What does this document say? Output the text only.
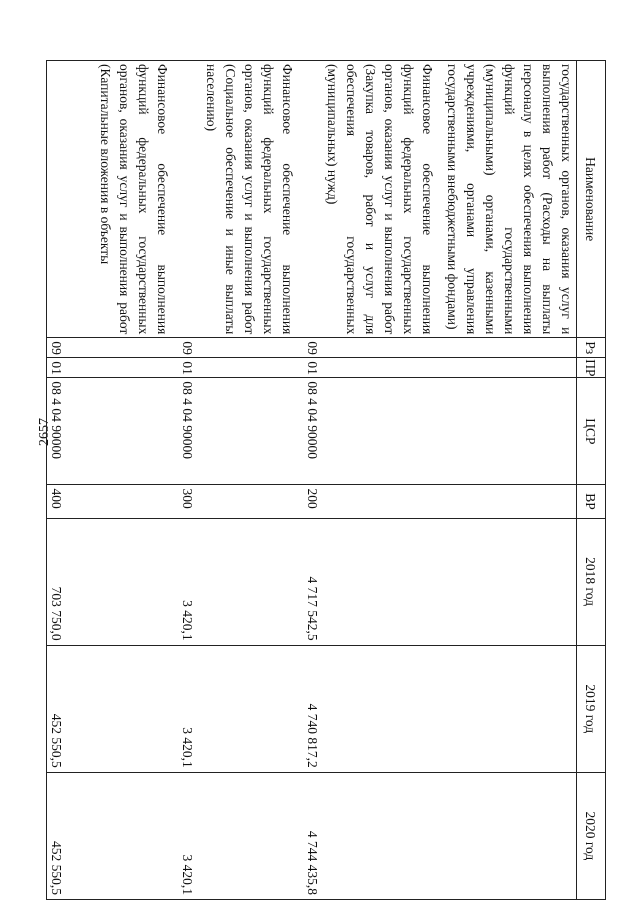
2657
Наименование	Рз	ПР	ЦСР	ВР	2018 год	2019 год	2020 год
государственных органов, оказания услуг и выполнения работ (Расходы на выплаты персоналу в целях обеспечения выполнения функций государственными (муниципальными) органами, казенными учреждениями, органами управления государственными внебюджетными фондами)							
Финансовое обеспечение выполнения функций федеральных государственных органов, оказания услуг и выполнения работ (Закупка товаров, работ и услуг для обеспечения государственных (муниципальных) нужд)	09	01	08 4 04 90000	200	4 717 542,5	4 740 817,2	4 744 435,8
Финансовое обеспечение выполнения функций федеральных государственных органов, оказания услуг и выполнения работ (Социальное обеспечение и иные выплаты населению)	09	01	08 4 04 90000	300	3 420,1	3 420,1	3 420,1
Финансовое обеспечение выполнения функций федеральных государственных органов, оказания услуг и выполнения работ (Капитальные вложения в объекты	09	01	08 4 04 90000	400	703 750,0	452 550,5	452 550,5
